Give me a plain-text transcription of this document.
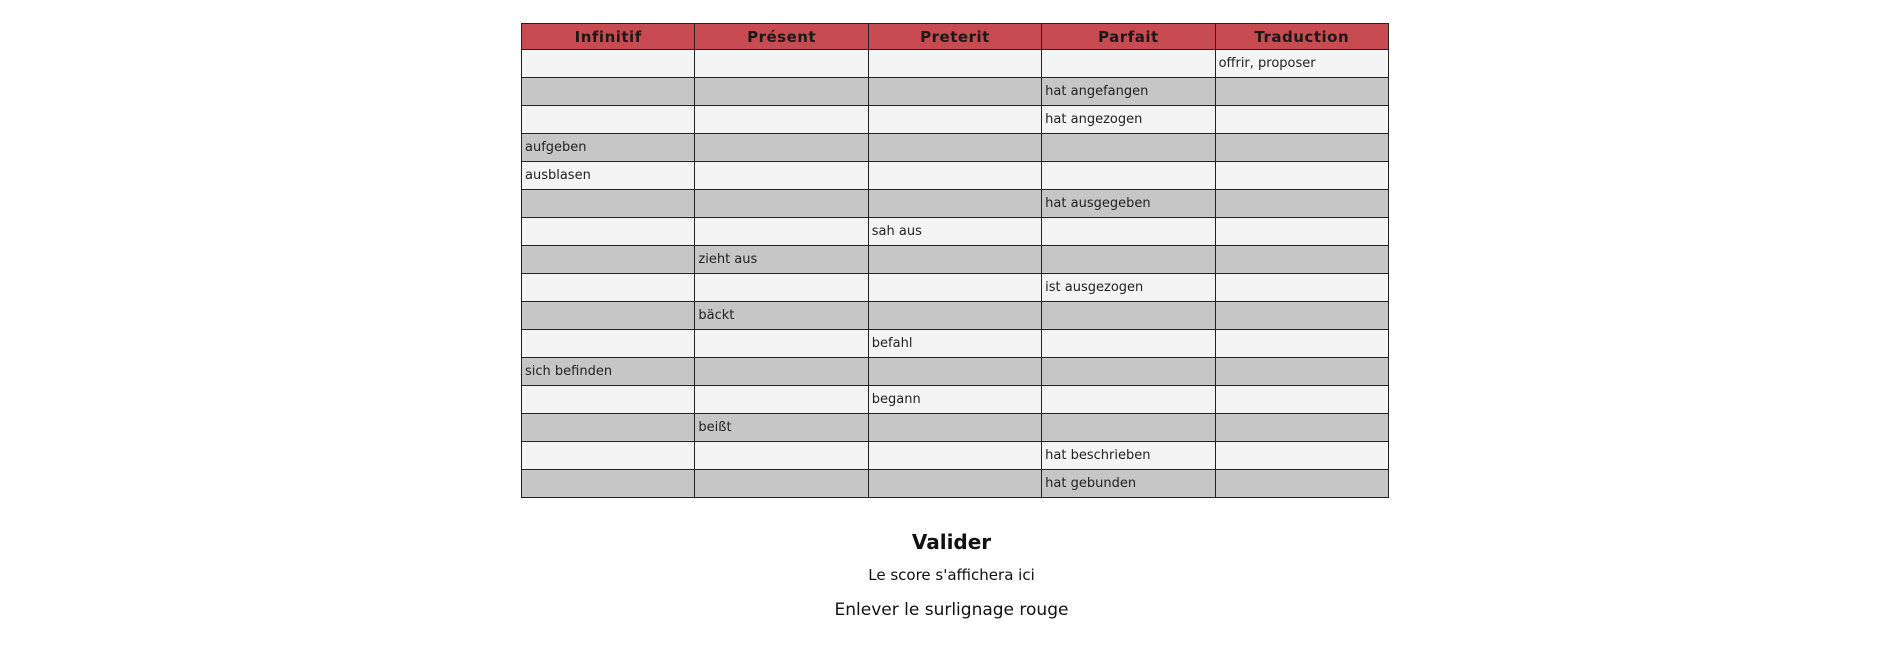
Infinitif	Présent	Preterit	Parfait	Traduction
				offrir, proposer
			hat angefangen	
			hat angezogen	
aufgeben				
ausblasen				
			hat ausgegeben	
		sah aus		
	zieht aus			
			ist ausgezogen	
	bäckt			
		befahl		
sich befinden				
		begann		
	beißt			
			hat beschrieben	
			hat gebunden	
Valider
Le score s'affichera ici
Enlever le surlignage rouge
